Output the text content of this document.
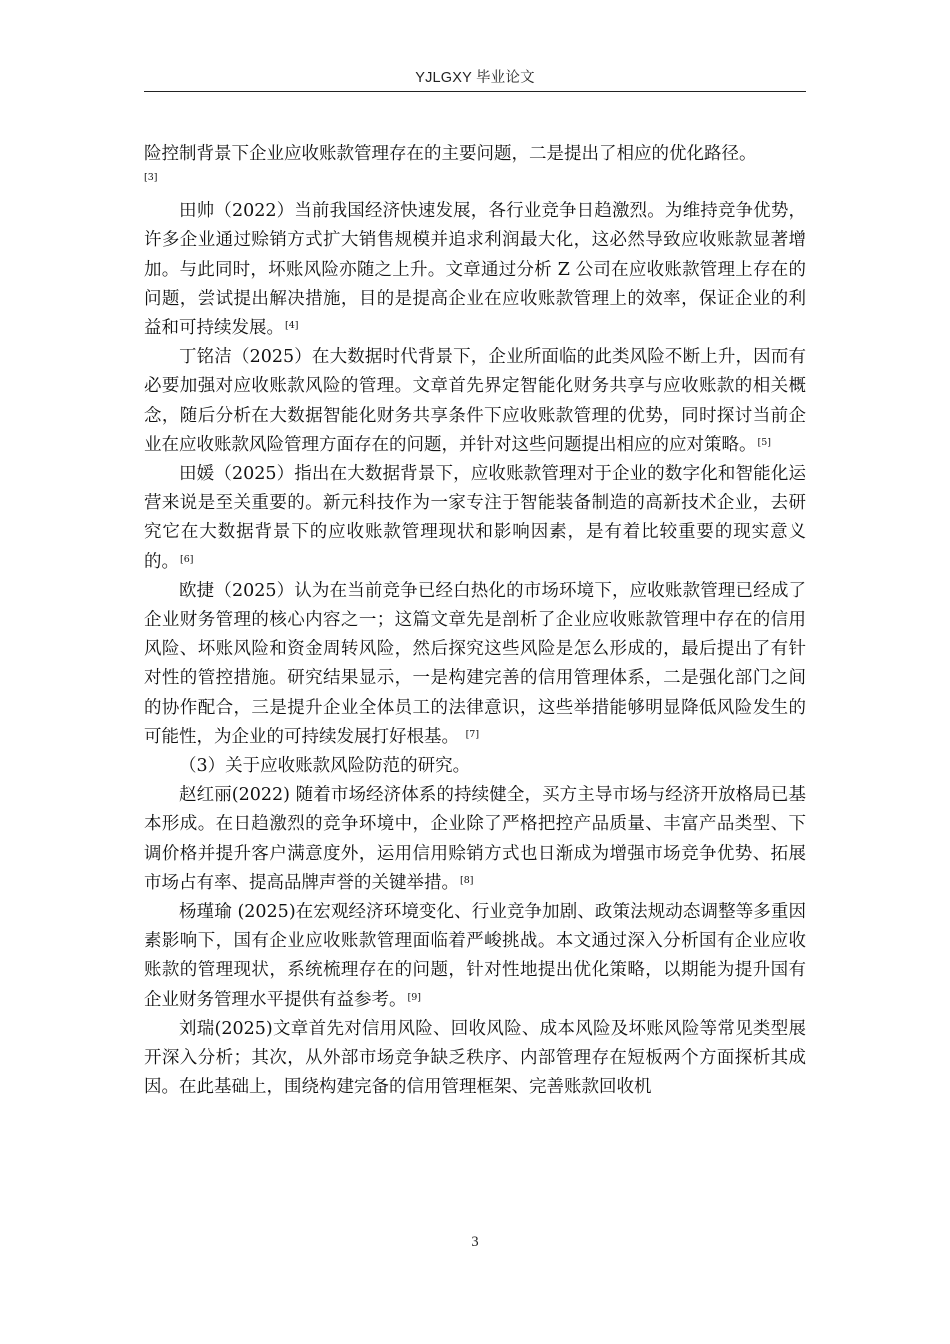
YJLGXY 毕业论文

险控制背景下企业应收账款管理存在的主要问题，二是提出了相应的优化路径。

[3]

田帅（2022）当前我国经济快速发展，各行业竞争日趋激烈。为维持竞争优势，许多企业通过赊销方式扩大销售规模并追求利润最大化，这必然导致应收账款显著增加。与此同时，坏账风险亦随之上升。文章通过分析 Z 公司在应收账款管理上存在的问题，尝试提出解决措施，目的是提高企业在应收账款管理上的效率，保证企业的利益和可持续发展。[4]

丁铭洁（2025）在大数据时代背景下，企业所面临的此类风险不断上升，因而有必要加强对应收账款风险的管理。文章首先界定智能化财务共享与应收账款的相关概念，随后分析在大数据智能化财务共享条件下应收账款管理的优势，同时探讨当前企业在应收账款风险管理方面存在的问题，并针对这些问题提出相应的应对策略。[5]

田媛（2025）指出在大数据背景下，应收账款管理对于企业的数字化和智能化运营来说是至关重要的。新元科技作为一家专注于智能装备制造的高新技术企业，去研究它在大数据背景下的应收账款管理现状和影响因素，是有着比较重要的现实意义的。[6]

欧捷（2025）认为在当前竞争已经白热化的市场环境下，应收账款管理已经成了企业财务管理的核心内容之一；这篇文章先是剖析了企业应收账款管理中存在的信用风险、坏账风险和资金周转风险，然后探究这些风险是怎么形成的，最后提出了有针对性的管控措施。研究结果显示，一是构建完善的信用管理体系，二是强化部门之间的协作配合，三是提升企业全体员工的法律意识，这些举措能够明显降低风险发生的可能性，为企业的可持续发展打好根基。 [7]

（3）关于应收账款风险防范的研究。

赵红丽(2022) 随着市场经济体系的持续健全，买方主导市场与经济开放格局已基本形成。在日趋激烈的竞争环境中，企业除了严格把控产品质量、丰富产品类型、下调价格并提升客户满意度外，运用信用赊销方式也日渐成为增强市场竞争优势、拓展市场占有率、提高品牌声誉的关键举措。[8]

杨瑾瑜 (2025)在宏观经济环境变化、行业竞争加剧、政策法规动态调整等多重因素影响下，国有企业应收账款管理面临着严峻挑战。本文通过深入分析国有企业应收账款的管理现状，系统梳理存在的问题，针对性地提出优化策略，以期能为提升国有企业财务管理水平提供有益参考。[9]

刘瑞(2025)文章首先对信用风险、回收风险、成本风险及坏账风险等常见类型展开深入分析；其次，从外部市场竞争缺乏秩序、内部管理存在短板两个方面探析其成因。在此基础上，围绕构建完备的信用管理框架、完善账款回收机

3
